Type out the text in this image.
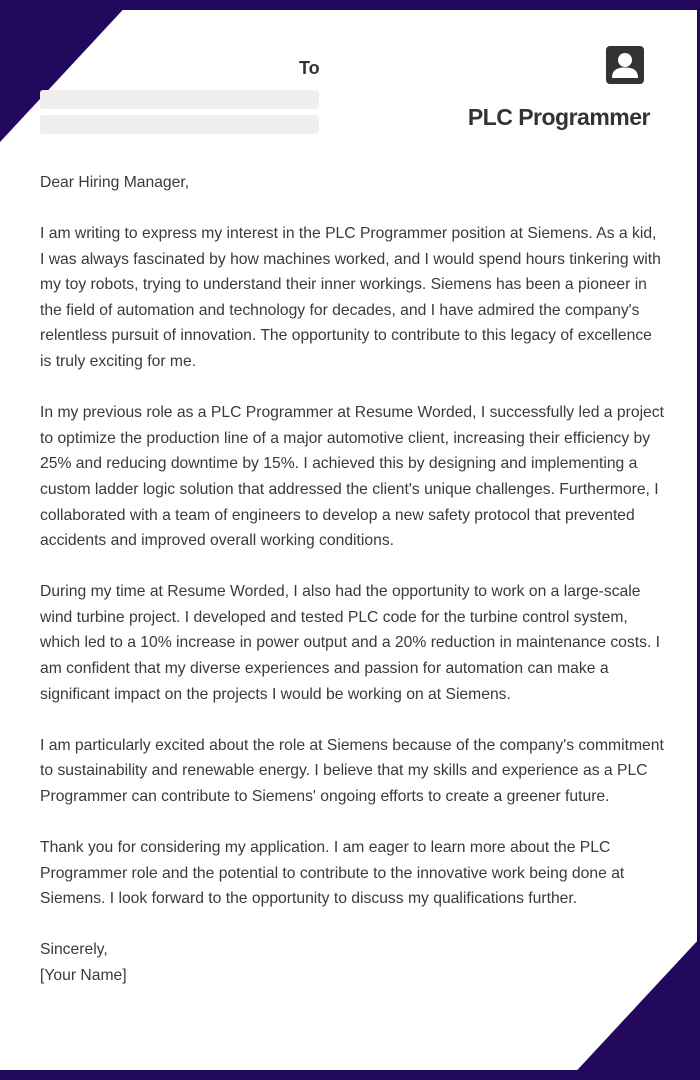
To
PLC Programmer

Dear Hiring Manager,

I am writing to express my interest in the PLC Programmer position at Siemens. As a kid, I was always fascinated by how machines worked, and I would spend hours tinkering with my toy robots, trying to understand their inner workings. Siemens has been a pioneer in the field of automation and technology for decades, and I have admired the company's relentless pursuit of innovation. The opportunity to contribute to this legacy of excellence is truly exciting for me.

In my previous role as a PLC Programmer at Resume Worded, I successfully led a project to optimize the production line of a major automotive client, increasing their efficiency by 25% and reducing downtime by 15%. I achieved this by designing and implementing a custom ladder logic solution that addressed the client's unique challenges. Furthermore, I collaborated with a team of engineers to develop a new safety protocol that prevented accidents and improved overall working conditions.

During my time at Resume Worded, I also had the opportunity to work on a large-scale wind turbine project. I developed and tested PLC code for the turbine control system, which led to a 10% increase in power output and a 20% reduction in maintenance costs. I am confident that my diverse experiences and passion for automation can make a significant impact on the projects I would be working on at Siemens.

I am particularly excited about the role at Siemens because of the company's commitment to sustainability and renewable energy. I believe that my skills and experience as a PLC Programmer can contribute to Siemens' ongoing efforts to create a greener future.

Thank you for considering my application. I am eager to learn more about the PLC Programmer role and the potential to contribute to the innovative work being done at Siemens. I look forward to the opportunity to discuss my qualifications further.

Sincerely,

[Your Name]
